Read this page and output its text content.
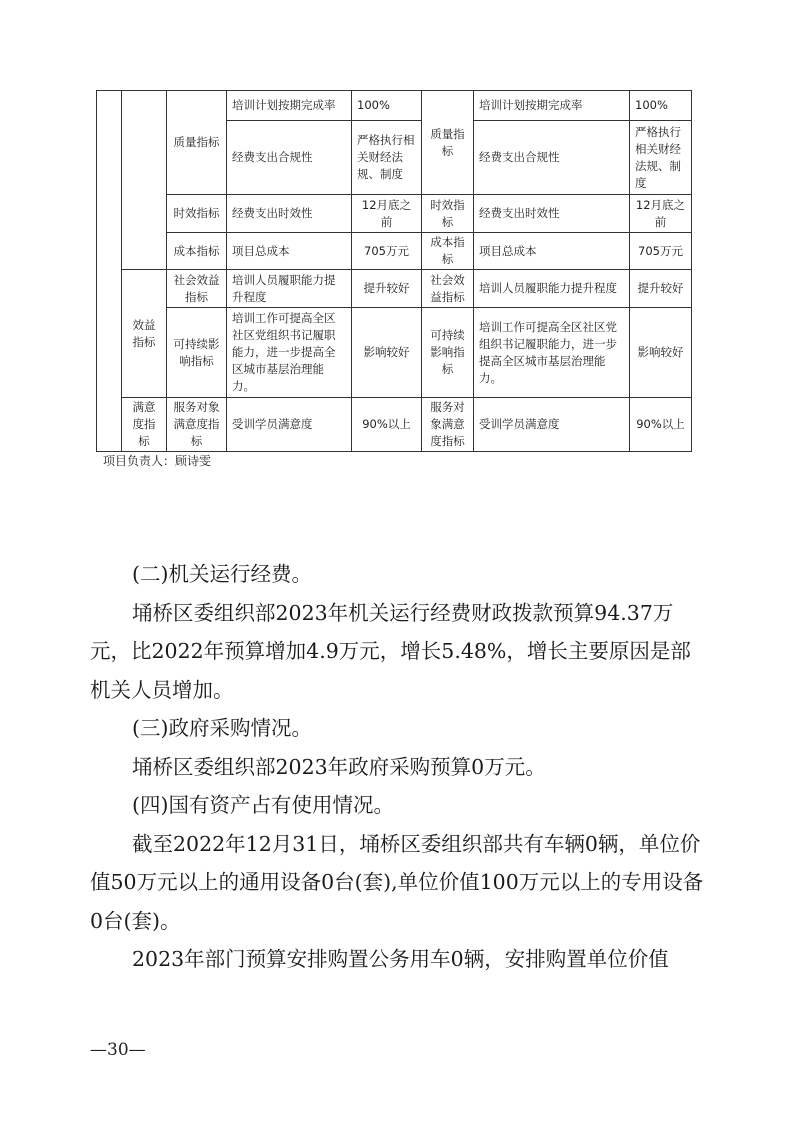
		质量指标	培训计划按期完成率	100%	质量指标	培训计划按期完成率	100%
			经费支出合规性	严格执行相关财经法规、制度		经费支出合规性	严格执行相关财经法规、制度
		时效指标	经费支出时效性	12月底之前	时效指标	经费支出时效性	12月底之前
		成本指标	项目总成本	705万元	成本指标	项目总成本	705万元
	效益指标	社会效益指标	培训人员履职能力提升程度	提升较好	社会效益指标	培训人员履职能力提升程度	提升较好
		可持续影响指标	培训工作可提高全区社区党组织书记履职能力，进一步提高全区城市基层治理能力。	影响较好	可持续影响指标	培训工作可提高全区社区党组织书记履职能力，进一步提高全区城市基层治理能力。	影响较好
	满意度指标	服务对象满意度指标	受训学员满意度	90%以上	服务对象满意度指标	受训学员满意度	90%以上
项目负责人：顾诗雯

(二)机关运行经费。

埇桥区委组织部2023年机关运行经费财政拨款预算94.37万元，比2022年预算增加4.9万元，增长5.48%，增长主要原因是部机关人员增加。

(三)政府采购情况。

埇桥区委组织部2023年政府采购预算0万元。

(四)国有资产占有使用情况。

截至2022年12月31日，埇桥区委组织部共有车辆0辆，单位价值50万元以上的通用设备0台(套),单位价值100万元以上的专用设备0台(套)。

2023年部门预算安排购置公务用车0辆，安排购置单位价值

—30—
